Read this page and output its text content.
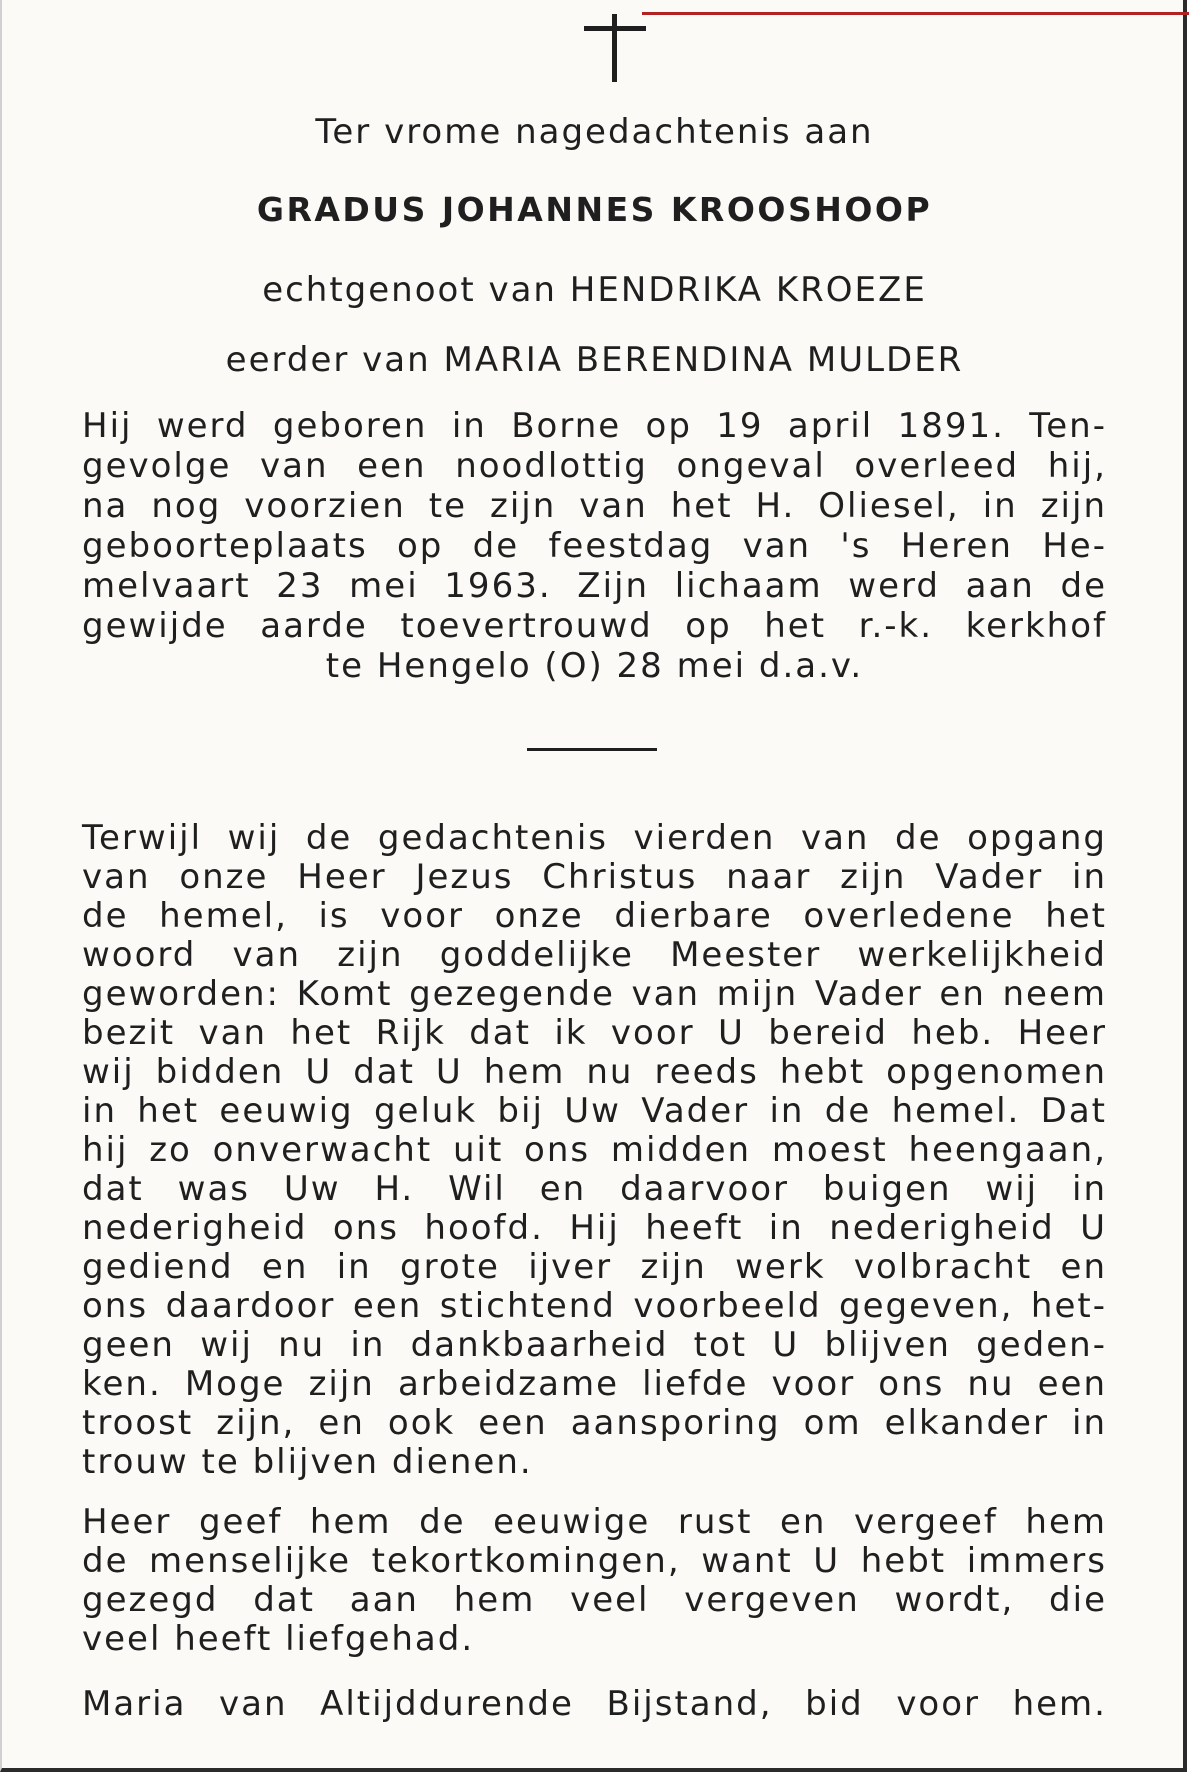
Ter vrome nagedachtenis aan
GRADUS JOHANNES KROOSHOOP
echtgenoot van HENDRIKA KROEZE
eerder van MARIA BERENDINA MULDER
Hij werd geboren in Borne op 19 april 1891. Ten-
gevolge van een noodlottig ongeval overleed hij,
na nog voorzien te zijn van het H. Oliesel, in zijn
geboorteplaats op de feestdag van 's Heren He-
melvaart 23 mei 1963. Zijn lichaam werd aan de
gewijde aarde toevertrouwd op het r.-k. kerkhof
te Hengelo (O) 28 mei d.a.v.
Terwijl wij de gedachtenis vierden van de opgang
van onze Heer Jezus Christus naar zijn Vader in
de hemel, is voor onze dierbare overledene het
woord van zijn goddelijke Meester werkelijkheid
geworden: Komt gezegende van mijn Vader en neem
bezit van het Rijk dat ik voor U bereid heb. Heer
wij bidden U dat U hem nu reeds hebt opgenomen
in het eeuwig geluk bij Uw Vader in de hemel. Dat
hij zo onverwacht uit ons midden moest heengaan,
dat was Uw H. Wil en daarvoor buigen wij in
nederigheid ons hoofd. Hij heeft in nederigheid U
gediend en in grote ijver zijn werk volbracht en
ons daardoor een stichtend voorbeeld gegeven, het-
geen wij nu in dankbaarheid tot U blijven geden-
ken. Moge zijn arbeidzame liefde voor ons nu een
troost zijn, en ook een aansporing om elkander in
trouw te blijven dienen.
Heer geef hem de eeuwige rust en vergeef hem
de menselijke tekortkomingen, want U hebt immers
gezegd dat aan hem veel vergeven wordt, die
veel heeft liefgehad.
Maria van Altijddurende Bijstand, bid voor hem.
